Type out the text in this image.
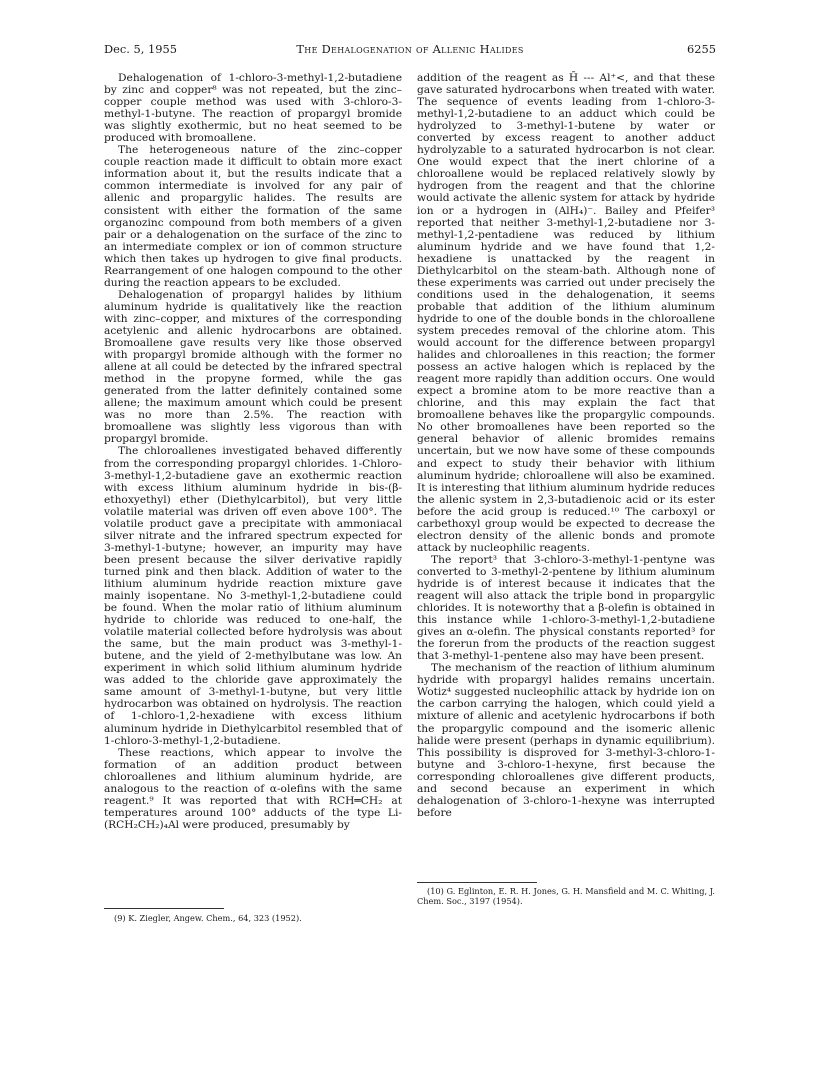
Dec. 5, 1955	The Dehalogenation of Allenic Halides	6255

Dehalogenation of 1-chloro-3-methyl-1,2-butadiene by zinc and copper⁸ was not repeated, but the zinc–copper couple method was used with 3-chloro-3-methyl-1-butyne. The reaction of propargyl bromide was slightly exothermic, but no heat seemed to be produced with bromoallene.

The heterogeneous nature of the zinc–copper couple reaction made it difficult to obtain more exact information about it, but the results indicate that a common intermediate is involved for any pair of allenic and propargylic halides. The results are consistent with either the formation of the same organozinc compound from both members of a given pair or a dehalogenation on the surface of the zinc to an intermediate complex or ion of common structure which then takes up hydrogen to give final products. Rearrangement of one halogen compound to the other during the reaction appears to be excluded.

Dehalogenation of propargyl halides by lithium aluminum hydride is qualitatively like the reaction with zinc–copper, and mixtures of the corresponding acetylenic and allenic hydrocarbons are obtained. Bromoallene gave results very like those observed with propargyl bromide although with the former no allene at all could be detected by the infrared spectral method in the propyne formed, while the gas generated from the latter definitely contained some allene; the maximum amount which could be present was no more than 2.5%. The reaction with bromoallene was slightly less vigorous than with propargyl bromide.

The chloroallenes investigated behaved differently from the corresponding propargyl chlorides. 1-Chloro-3-methyl-1,2-butadiene gave an exothermic reaction with excess lithium aluminum hydride in bis-(β-ethoxyethyl) ether (Diethylcarbitol), but very little volatile material was driven off even above 100°. The volatile product gave a precipitate with ammoniacal silver nitrate and the infrared spectrum expected for 3-methyl-1-butyne; however, an impurity may have been present because the silver derivative rapidly turned pink and then black. Addition of water to the lithium aluminum hydride reaction mixture gave mainly isopentane. No 3-methyl-1,2-butadiene could be found. When the molar ratio of lithium aluminum hydride to chloride was reduced to one-half, the volatile material collected before hydrolysis was about the same, but the main product was 3-methyl-1-butene, and the yield of 2-methylbutane was low. An experiment in which solid lithium aluminum hydride was added to the chloride gave approximately the same amount of 3-methyl-1-butyne, but very little hydrocarbon was obtained on hydrolysis. The reaction of 1-chloro-1,2-hexadiene with excess lithium aluminum hydride in Diethylcarbitol resembled that of 1-chloro-3-methyl-1,2-butadiene.

These reactions, which appear to involve the formation of an addition product between chloroallenes and lithium aluminum hydride, are analogous to the reaction of α-olefins with the same reagent.⁹ It was reported that with RCH═CH₂ at temperatures around 100° adducts of the type Li-(RCH₂CH₂)₄Al were produced, presumably by

addition of the reagent as H̄ --- Al⁺<, and that these gave saturated hydrocarbons when treated with water. The sequence of events leading from 1-chloro-3-methyl-1,2-butadiene to an adduct which could be hydrolyzed to 3-methyl-1-butene by water or converted by excess reagent to another adduct hydrolyzable to a saturated hydrocarbon is not clear. One would expect that the inert chlorine of a chloroallene would be replaced relatively slowly by hydrogen from the reagent and that the chlorine would activate the allenic system for attack by hydride ion or a hydrogen in (AlH₄)⁻. Bailey and Pfeifer³ reported that neither 3-methyl-1,2-butadiene nor 3-methyl-1,2-pentadiene was reduced by lithium aluminum hydride and we have found that 1,2-hexadiene is unattacked by the reagent in Diethylcarbitol on the steam-bath. Although none of these experiments was carried out under precisely the conditions used in the dehalogenation, it seems probable that addition of the lithium aluminum hydride to one of the double bonds in the chloroallene system precedes removal of the chlorine atom. This would account for the difference between propargyl halides and chloroallenes in this reaction; the former possess an active halogen which is replaced by the reagent more rapidly than addition occurs. One would expect a bromine atom to be more reactive than a chlorine, and this may explain the fact that bromoallene behaves like the propargylic compounds. No other bromoallenes have been reported so the general behavior of allenic bromides remains uncertain, but we now have some of these compounds and expect to study their behavior with lithium aluminum hydride; chloroallene will also be examined. It is interesting that lithium aluminum hydride reduces the allenic system in 2,3-butadienoic acid or its ester before the acid group is reduced.¹⁰ The carboxyl or carbethoxyl group would be expected to decrease the electron density of the allenic bonds and promote attack by nucleophilic reagents.

The report³ that 3-chloro-3-methyl-1-pentyne was converted to 3-methyl-2-pentene by lithium aluminum hydride is of interest because it indicates that the reagent will also attack the triple bond in propargylic chlorides. It is noteworthy that a β-olefin is obtained in this instance while 1-chloro-3-methyl-1,2-butadiene gives an α-olefin. The physical constants reported³ for the forerun from the products of the reaction suggest that 3-methyl-1-pentene also may have been present.

The mechanism of the reaction of lithium aluminum hydride with propargyl halides remains uncertain. Wotiz⁴ suggested nucleophilic attack by hydride ion on the carbon carrying the halogen, which could yield a mixture of allenic and acetylenic hydrocarbons if both the propargylic compound and the isomeric allenic halide were present (perhaps in dynamic equilibrium). This possibility is disproved for 3-methyl-3-chloro-1-butyne and 3-chloro-1-hexyne, first because the corresponding chloroallenes give different products, and second because an experiment in which dehalogenation of 3-chloro-1-hexyne was interrupted before

(9) K. Ziegler, Angew. Chem., 64, 323 (1952).
(10) G. Eglinton, E. R. H. Jones, G. H. Mansfield and M. C. Whiting, J. Chem. Soc., 3197 (1954).
